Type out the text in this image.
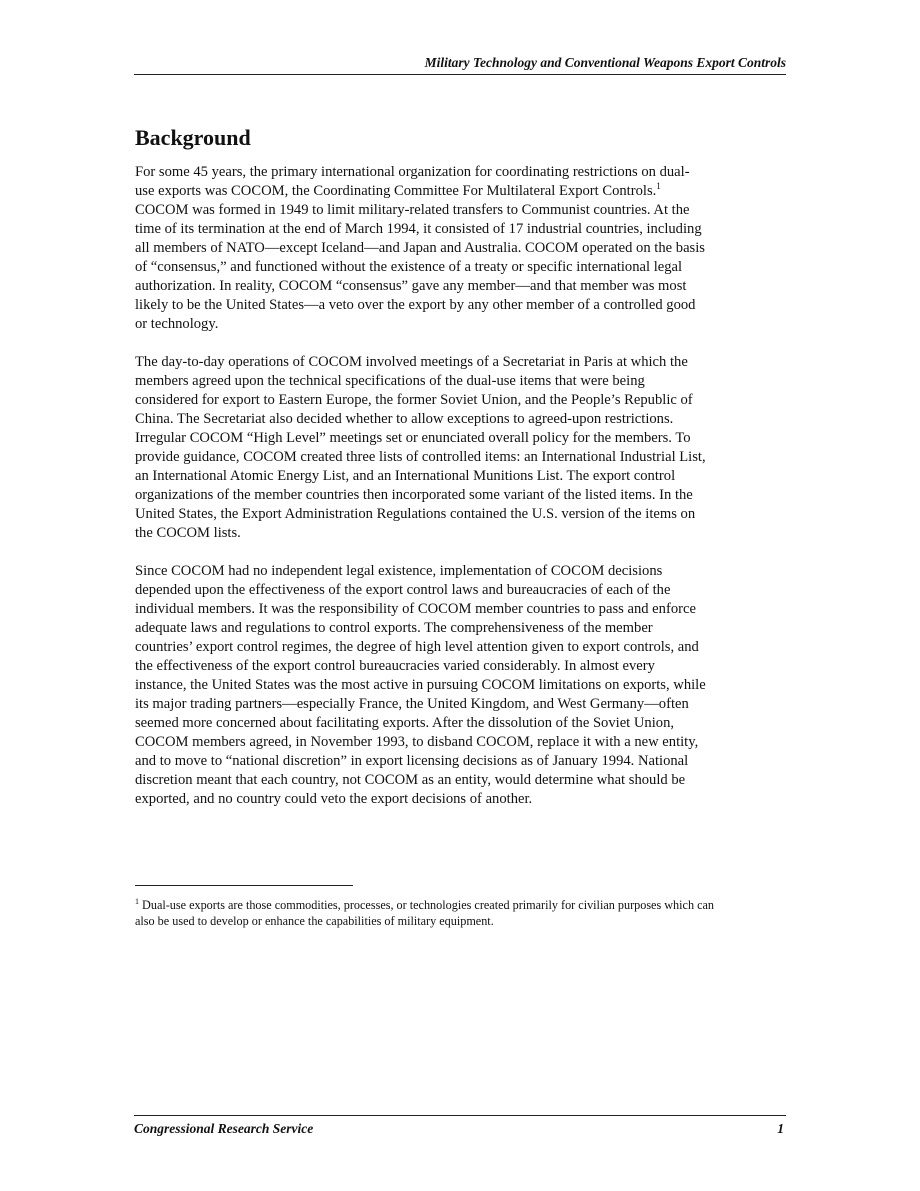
Military Technology and Conventional Weapons Export Controls
Background

For some 45 years, the primary international organization for coordinating restrictions on dual-
use exports was COCOM, the Coordinating Committee For Multilateral Export Controls.$^1$
COCOM was formed in 1949 to limit military-related transfers to Communist countries. At the
time of its termination at the end of March 1994, it consisted of 17 industrial countries, including
all members of NATO—except Iceland—and Japan and Australia. COCOM operated on the basis
of “consensus,” and functioned without the existence of a treaty or specific international legal
authorization. In reality, COCOM “consensus” gave any member—and that member was most
likely to be the United States—a veto over the export by any other member of a controlled good
or technology.

The day-to-day operations of COCOM involved meetings of a Secretariat in Paris at which the
members agreed upon the technical specifications of the dual-use items that were being
considered for export to Eastern Europe, the former Soviet Union, and the People’s Republic of
China. The Secretariat also decided whether to allow exceptions to agreed-upon restrictions.
Irregular COCOM “High Level” meetings set or enunciated overall policy for the members. To
provide guidance, COCOM created three lists of controlled items: an International Industrial List,
an International Atomic Energy List, and an International Munitions List. The export control
organizations of the member countries then incorporated some variant of the listed items. In the
United States, the Export Administration Regulations contained the U.S. version of the items on
the COCOM lists.

Since COCOM had no independent legal existence, implementation of COCOM decisions
depended upon the effectiveness of the export control laws and bureaucracies of each of the
individual members. It was the responsibility of COCOM member countries to pass and enforce
adequate laws and regulations to control exports. The comprehensiveness of the member
countries’ export control regimes, the degree of high level attention given to export controls, and
the effectiveness of the export control bureaucracies varied considerably. In almost every
instance, the United States was the most active in pursuing COCOM limitations on exports, while
its major trading partners—especially France, the United Kingdom, and West Germany—often
seemed more concerned about facilitating exports. After the dissolution of the Soviet Union,
COCOM members agreed, in November 1993, to disband COCOM, replace it with a new entity,
and to move to “national discretion” in export licensing decisions as of January 1994. National
discretion meant that each country, not COCOM as an entity, would determine what should be
exported, and no country could veto the export decisions of another.

$^1$ Dual-use exports are those commodities, processes, or technologies created primarily for civilian purposes which can
also be used to develop or enhance the capabilities of military equipment.
Congressional Research Service	1
